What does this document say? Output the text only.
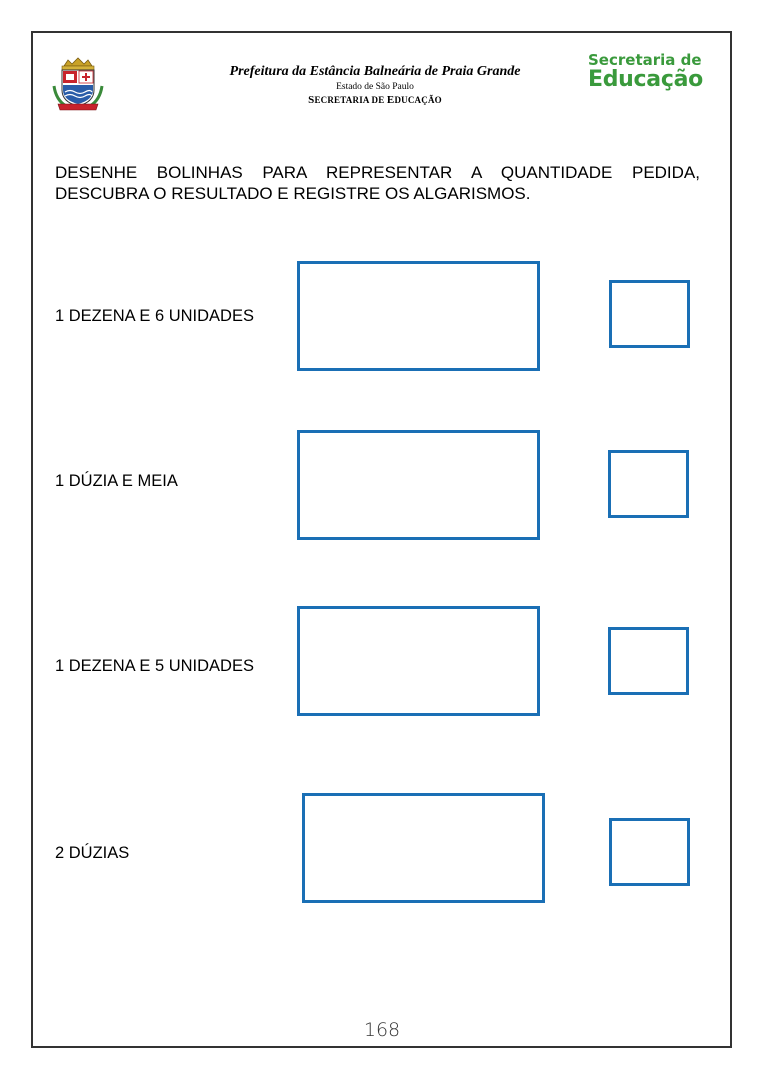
Prefeitura da Estância Balneária de Praia Grande
Estado de São Paulo
SECRETARIA DE EDUCAÇÃO
Secretaria de
Educação
DESENHE BOLINHAS PARA REPRESENTAR A QUANTIDADE PEDIDA,
DESCUBRA O RESULTADO E REGISTRE OS ALGARISMOS.
1 DEZENA E 6 UNIDADES
1 DÚZIA E MEIA
1 DEZENA E 5 UNIDADES
2 DÚZIAS
168
